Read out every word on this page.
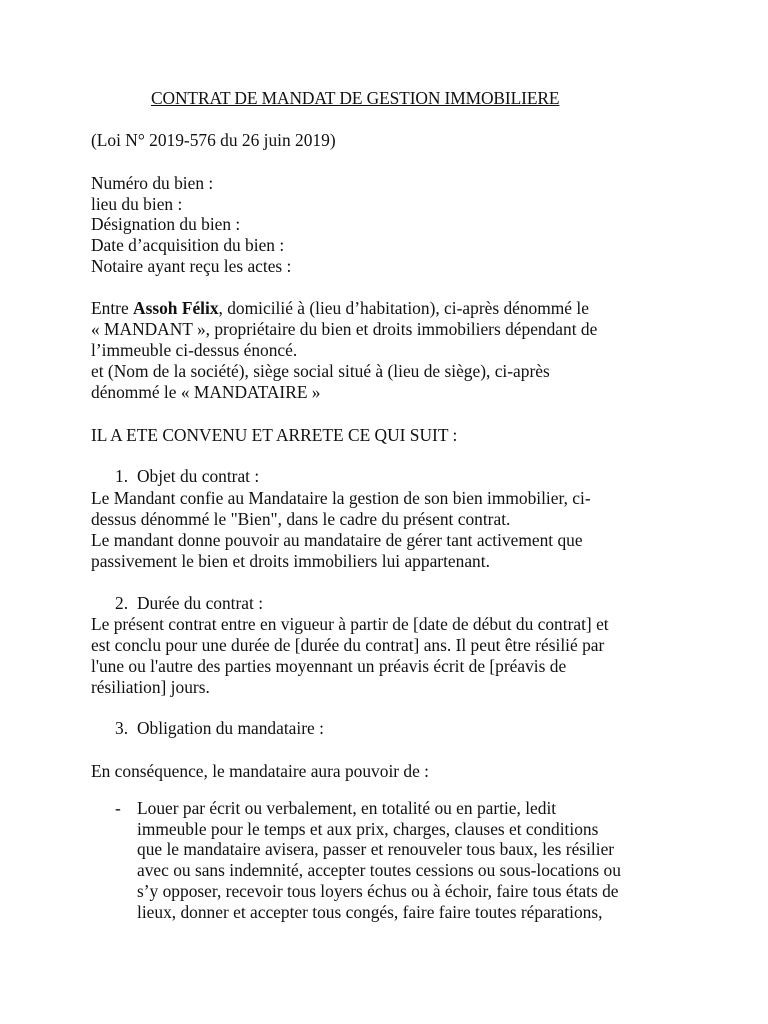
CONTRAT DE MANDAT DE GESTION IMMOBILIERE
(Loi N° 2019-576 du 26 juin 2019)
Numéro du bien :
lieu du bien :
Désignation du bien :
Date d’acquisition du bien :
Notaire ayant reçu les actes :
Entre Assoh Félix, domicilié à (lieu d’habitation), ci-après dénommé le
« MANDANT », propriétaire du bien et droits immobiliers dépendant de
l’immeuble ci-dessus énoncé.
et (Nom de la société), siège social situé à (lieu de siège), ci-après
dénommé le « MANDATAIRE »
IL A ETE CONVENU ET ARRETE CE QUI SUIT :
1. Objet du contrat :
Le Mandant confie au Mandataire la gestion de son bien immobilier, ci-
dessus dénommé le "Bien", dans le cadre du présent contrat.
Le mandant donne pouvoir au mandataire de gérer tant activement que
passivement le bien et droits immobiliers lui appartenant.
2. Durée du contrat :
Le présent contrat entre en vigueur à partir de [date de début du contrat] et
est conclu pour une durée de [durée du contrat] ans. Il peut être résilié par
l'une ou l'autre des parties moyennant un préavis écrit de [préavis de
résiliation] jours.
3. Obligation du mandataire :
En conséquence, le mandataire aura pouvoir de :
- Louer par écrit ou verbalement, en totalité ou en partie, ledit
immeuble pour le temps et aux prix, charges, clauses et conditions
que le mandataire avisera, passer et renouveler tous baux, les résilier
avec ou sans indemnité, accepter toutes cessions ou sous-locations ou
s’y opposer, recevoir tous loyers échus ou à échoir, faire tous états de
lieux, donner et accepter tous congés, faire faire toutes réparations,
